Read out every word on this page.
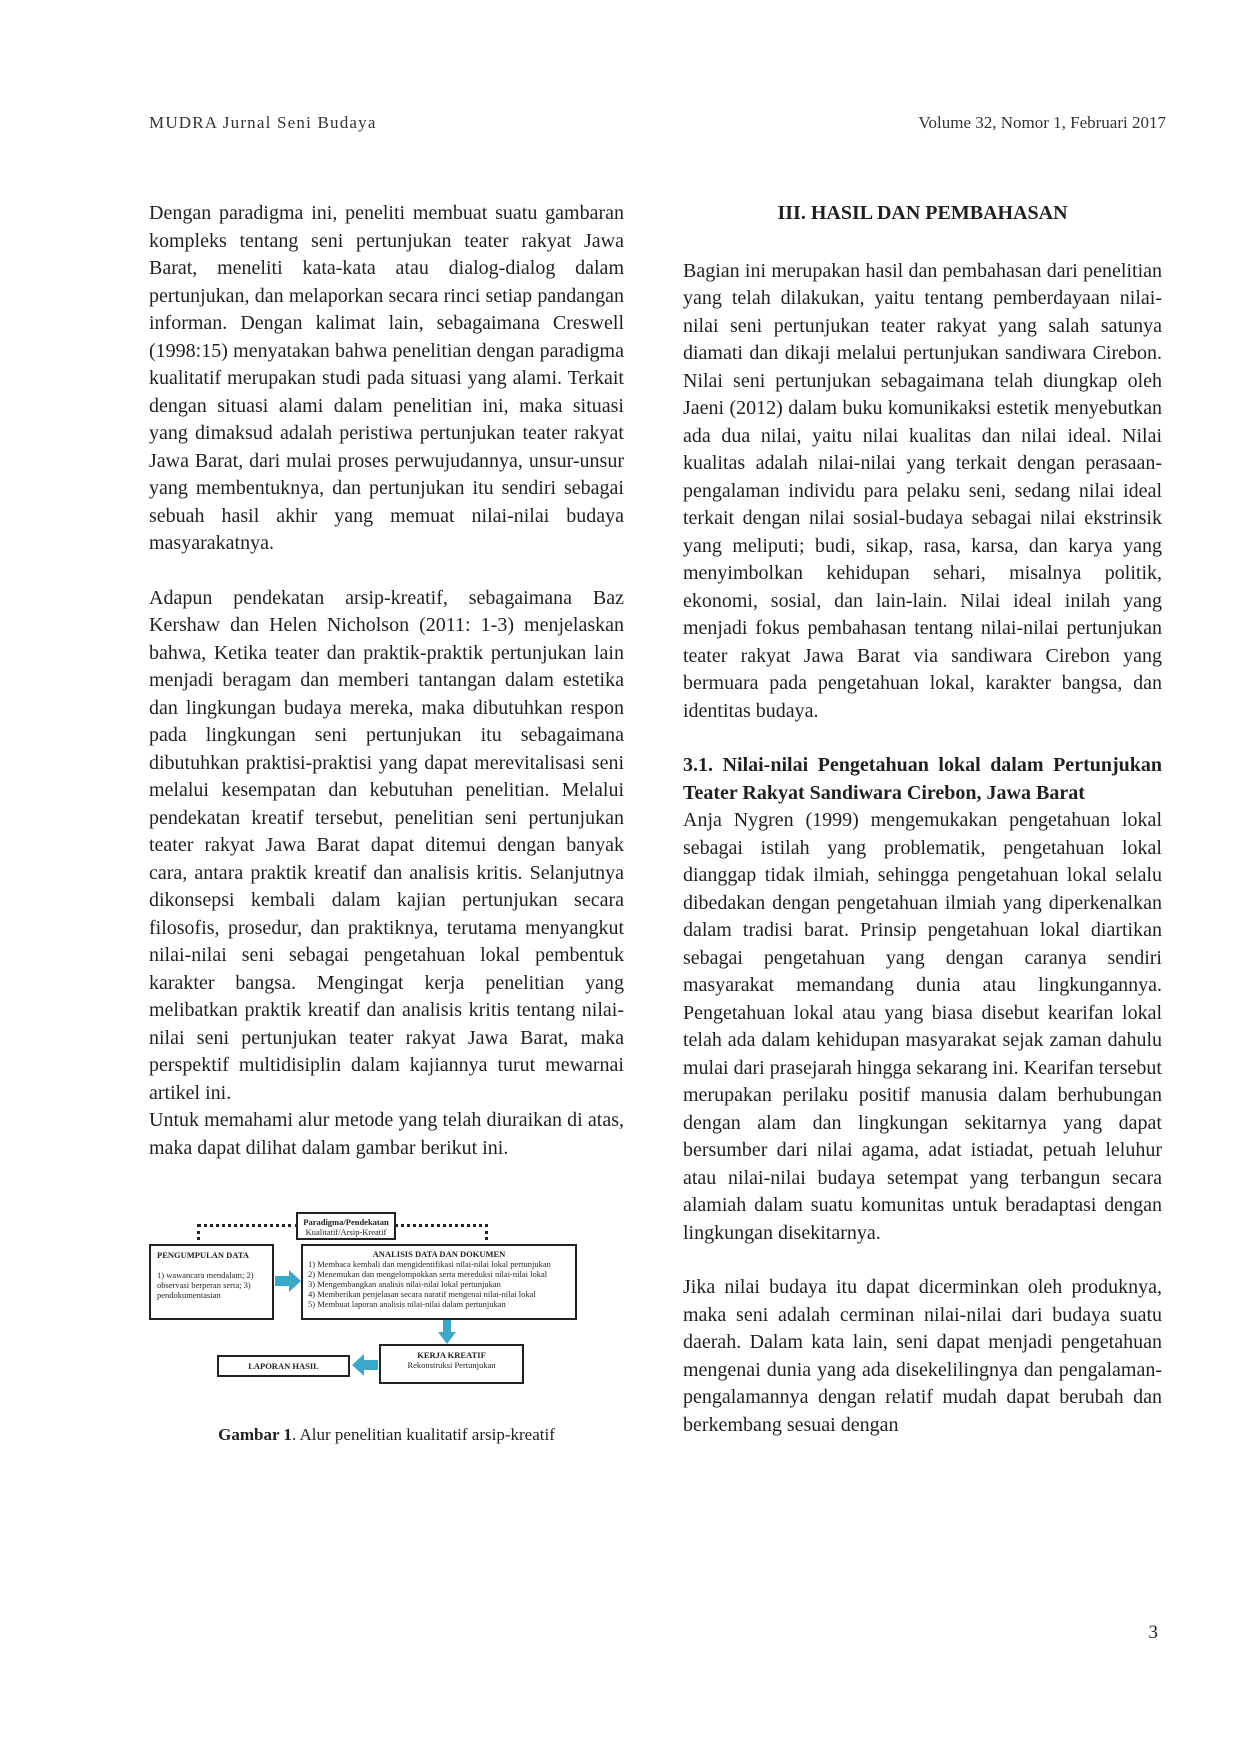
MUDRA Jurnal Seni Budaya	Volume 32, Nomor 1, Februari 2017

Dengan paradigma ini, peneliti membuat suatu gambaran kompleks tentang seni pertunjukan teater rakyat Jawa Barat, meneliti kata-kata atau dialog-dialog dalam pertunjukan, dan melaporkan secara rinci setiap pandangan informan. Dengan kalimat lain, sebagaimana Creswell (1998:15) menyatakan bahwa penelitian dengan paradigma kualitatif merupakan studi pada situasi yang alami. Terkait dengan situasi alami dalam penelitian ini, maka situasi yang dimaksud adalah peristiwa pertunjukan teater rakyat Jawa Barat, dari mulai proses perwujudannya, unsur-unsur yang membentuknya, dan pertunjukan itu sendiri sebagai sebuah hasil akhir yang memuat nilai-nilai budaya masyarakatnya.

Adapun pendekatan arsip-kreatif, sebagaimana Baz Kershaw dan Helen Nicholson (2011: 1-3) menjelaskan bahwa, Ketika teater dan praktik-praktik pertunjukan lain menjadi beragam dan memberi tantangan dalam estetika dan lingkungan budaya mereka, maka dibutuhkan respon pada lingkungan seni pertunjukan itu sebagaimana dibutuhkan praktisi-praktisi yang dapat merevitalisasi seni melalui kesempatan dan kebutuhan penelitian. Melalui pendekatan kreatif tersebut, penelitian seni pertunjukan teater rakyat Jawa Barat dapat ditemui dengan banyak cara, antara praktik kreatif dan analisis kritis. Selanjutnya dikonsepsi kembali dalam kajian pertunjukan secara filosofis, prosedur, dan praktiknya, terutama menyangkut nilai-nilai seni sebagai pengetahuan lokal pembentuk karakter bangsa. Mengingat kerja penelitian yang melibatkan praktik kreatif dan analisis kritis tentang nilai-nilai seni pertunjukan teater rakyat Jawa Barat, maka perspektif multidisiplin dalam kajiannya turut mewarnai artikel ini.

Untuk memahami alur metode yang telah diuraikan di atas, maka dapat dilihat dalam gambar berikut ini.

Paradigma/Pendekatan
Kualitatif/Arsip-Kreatif
PENGUMPULAN DATA
1) wawancara mendalam; 2) observasi berperan serta; 3) pendokumentasian
ANALISIS DATA DAN DOKUMEN
1) Membaca kembali dan mengidentifikasi nilai-nilai lokal pertunjukan
2) Menemukan dan mengelompokkan serta mereduksi nilai-nilai lokal
3) Mengembangkan analisis nilai-nilai lokal pertunjukan
4) Memberikan penjelasan secara naratif mengenai nilai-nilai lokal
5) Membuat laporan analisis nilai-nilai dalam pertunjukan
KERJA KREATIF
Rekonstruksi Pertunjukan
LAPORAN HASIL
Gambar 1. Alur penelitian kualitatif arsip-kreatif
III. HASIL DAN PEMBAHASAN

Bagian ini merupakan hasil dan pembahasan dari penelitian yang telah dilakukan, yaitu tentang pemberdayaan nilai-nilai seni pertunjukan teater rakyat yang salah satunya diamati dan dikaji melalui pertunjukan sandiwara Cirebon. Nilai seni pertunjukan sebagaimana telah diungkap oleh Jaeni (2012) dalam buku komunikaksi estetik menyebutkan ada dua nilai, yaitu nilai kualitas dan nilai ideal. Nilai kualitas adalah nilai-nilai yang terkait dengan perasaan-pengalaman individu para pelaku seni, sedang nilai ideal terkait dengan nilai sosial-budaya sebagai nilai ekstrinsik yang meliputi; budi, sikap, rasa, karsa, dan karya yang menyimbolkan kehidupan sehari, misalnya politik, ekonomi, sosial, dan lain-lain. Nilai ideal inilah yang menjadi fokus pembahasan tentang nilai-nilai pertunjukan teater rakyat Jawa Barat via sandiwara Cirebon yang bermuara pada pengetahuan lokal, karakter bangsa, dan identitas budaya.

3.1. Nilai-nilai Pengetahuan lokal dalam Pertunjukan Teater Rakyat Sandiwara Cirebon, Jawa Barat

Anja Nygren (1999) mengemukakan pengetahuan lokal sebagai istilah yang problematik, pengetahuan lokal dianggap tidak ilmiah, sehingga pengetahuan lokal selalu dibedakan dengan pengetahuan ilmiah yang diperkenalkan dalam tradisi barat. Prinsip pengetahuan lokal diartikan sebagai pengetahuan yang dengan caranya sendiri masyarakat memandang dunia atau lingkungannya. Pengetahuan lokal atau yang biasa disebut kearifan lokal telah ada dalam kehidupan masyarakat sejak zaman dahulu mulai dari prasejarah hingga sekarang ini. Kearifan tersebut merupakan perilaku positif manusia dalam berhubungan dengan alam dan lingkungan sekitarnya yang dapat bersumber dari nilai agama, adat istiadat, petuah leluhur atau nilai-nilai budaya setempat yang terbangun secara alamiah dalam suatu komunitas untuk beradaptasi dengan lingkungan disekitarnya.

Jika nilai budaya itu dapat dicerminkan oleh produknya, maka seni adalah cerminan nilai-nilai dari budaya suatu daerah. Dalam kata lain, seni dapat menjadi pengetahuan mengenai dunia yang ada disekelilingnya dan pengalaman-pengalamannya dengan relatif mudah dapat berubah dan berkembang sesuai dengan

3
